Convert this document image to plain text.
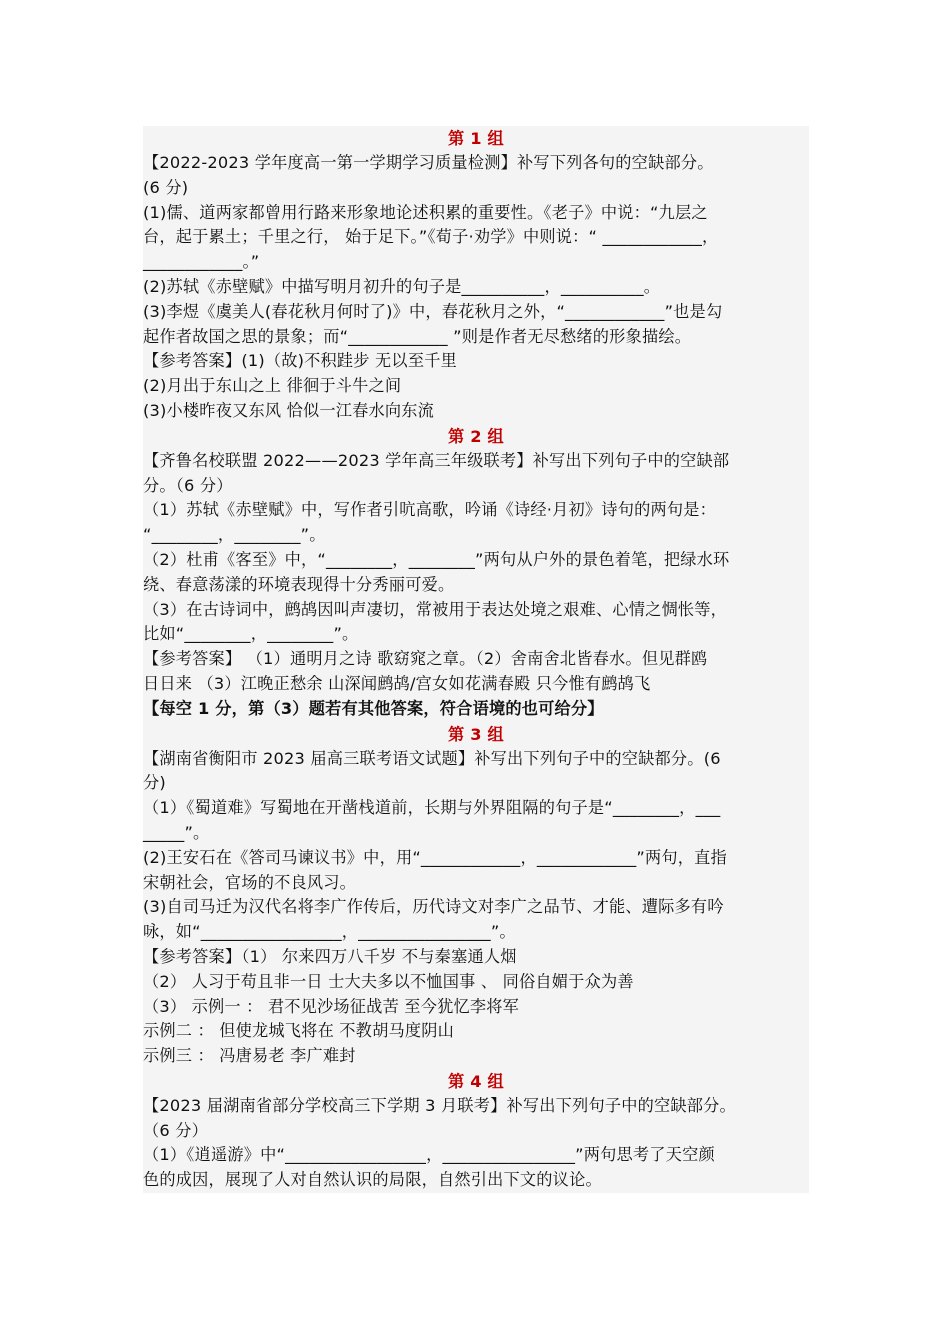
第 1 组
【2022-2023 学年度高一第一学期学习质量检测】补写下列各句的空缺部分。
(6 分)
(1)儒、道两家都曾用行路来形象地论述积累的重要性。《老子》中说：“九层之
台，起于累土；千里之行， 始于足下。”《荀子·劝学》中则说：“ ____________，
____________。”
(2)苏轼《赤壁赋》中描写明月初升的句子是__________，__________。
(3)李煜《虞美人(春花秋月何时了)》中，春花秋月之外，“____________”也是勾
起作者故国之思的景象；而“____________ ”则是作者无尽愁绪的形象描绘。
【参考答案】(1)（故)不积跬步 无以至千里
(2)月出于东山之上 徘徊于斗牛之间
(3)小楼昨夜又东风 恰似一江春水向东流
第 2 组
【齐鲁名校联盟 2022——2023 学年高三年级联考】补写出下列句子中的空缺部
分。（6 分）
（1）苏轼《赤壁赋》中，写作者引吭高歌，吟诵《诗经·月初》诗句的两句是：
“________，________”。
（2）杜甫《客至》中，“________，________”两句从户外的景色着笔，把绿水环
绕、春意荡漾的环境表现得十分秀丽可爱。
（3）在古诗词中，鹧鸪因叫声凄切，常被用于表达处境之艰难、心情之惆怅等，
比如“________，________”。
【参考答案】 （1）通明月之诗 歌窈窕之章。（2）舍南舍北皆春水。但见群鸥
日日来 （3）江晚正愁余 山深闻鹧鸪/宫女如花满春殿 只今惟有鹧鸪飞
【每空 1 分，第（3）题若有其他答案，符合语境的也可给分】
第 3 组
【湖南省衡阳市 2023 届高三联考语文试题】补写出下列句子中的空缺都分。(6
分)
（1）《蜀道难》写蜀地在开凿栈道前，长期与外界阻隔的句子是“________，___
_____”。
(2)王安石在《答司马谏议书》中，用“____________，____________”两句，直指
宋朝社会，官场的不良风习。
(3)自司马迁为汉代名将李广作传后，历代诗文对李广之品节、才能、遭际多有吟
咏，如“_________________，________________”。
【参考答案】（1） 尔来四万八千岁 不与秦塞通人烟
（2） 人习于苟且非一日 士大夫多以不恤国事 、 同俗自媚于众为善
（3） 示例一 ： 君不见沙场征战苦 至今犹忆李将军
示例二 ： 但使龙城飞将在 不教胡马度阴山
示例三 ： 冯唐易老 李广难封
第 4 组
【2023 届湖南省部分学校高三下学期 3 月联考】补写出下列句子中的空缺部分。
（6 分）
（1）《逍遥游》中“_________________，________________”两句思考了天空颜
色的成因，展现了人对自然认识的局限，自然引出下文的议论。
